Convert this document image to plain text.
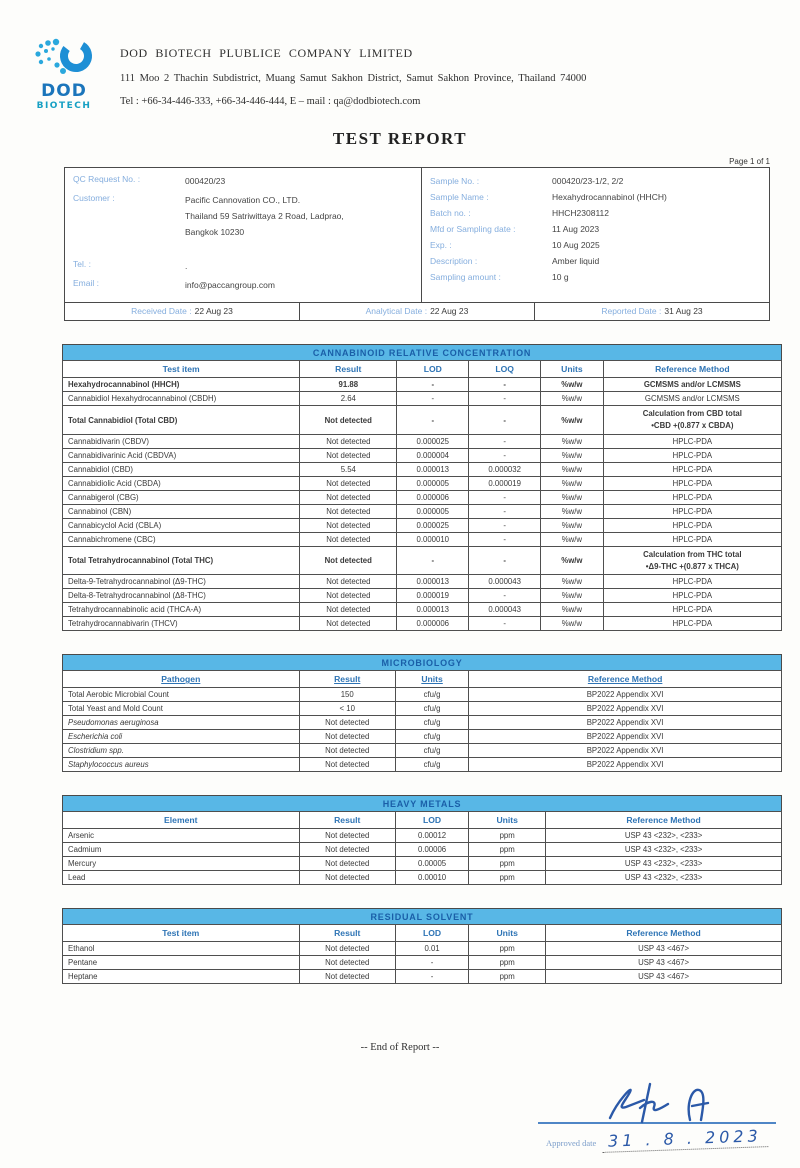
DOD
BIOTECH
DOD BIOTECH PLUBLICE COMPANY LIMITED
111 Moo 2 Thachin Subdistrict, Muang Samut Sakhon District, Samut Sakhon Province, Thailand 74000
Tel : +66-34-446-333, +66-34-446-444, E – mail : qa@dodbiotech.com
TEST REPORT
Page 1 of 1
QC Request No. :	000420/23
Customer :	Pacific Cannovation CO., LTD.
Thailand 59 Satriwittaya 2 Road, Ladprao,
Bangkok 10230
Tel. :	.
Email :	info@paccangroup.com
Sample No. :	000420/23-1/2, 2/2
Sample Name :	Hexahydrocannabinol (HHCH)
Batch no. :	HHCH2308112
Mfd or Sampling date :	11 Aug 2023
Exp. :	10 Aug 2025
Description :	Amber liquid
Sampling amount :	10 g
Received Date : 22 Aug 23	Analytical Date : 22 Aug 23	Reported Date : 31 Aug 23
CANNABINOID RELATIVE CONCENTRATION
Test item	Result	LOD	LOQ	Units	Reference Method
Hexahydrocannabinol (HHCH)	91.88	-	-	%w/w	GCMSMS and/or LCMSMS
Cannabidiol Hexahydrocannabinol (CBDH)	2.64	-	-	%w/w	GCMSMS and/or LCMSMS
Total Cannabidiol (Total CBD)	Not detected	-	-	%w/w	Calculation from CBD total
•CBD +(0.877 x CBDA)
Cannabidivarin (CBDV)	Not detected	0.000025	-	%w/w	HPLC-PDA
Cannabidivarinic Acid (CBDVA)	Not detected	0.000004	-	%w/w	HPLC-PDA
Cannabidiol (CBD)	5.54	0.000013	0.000032	%w/w	HPLC-PDA
Cannabidiolic Acid (CBDA)	Not detected	0.000005	0.000019	%w/w	HPLC-PDA
Cannabigerol (CBG)	Not detected	0.000006	-	%w/w	HPLC-PDA
Cannabinol (CBN)	Not detected	0.000005	-	%w/w	HPLC-PDA
Cannabicyclol Acid (CBLA)	Not detected	0.000025	-	%w/w	HPLC-PDA
Cannabichromene (CBC)	Not detected	0.000010	-	%w/w	HPLC-PDA
Total Tetrahydrocannabinol (Total THC)	Not detected	-	-	%w/w	Calculation from THC total
•Δ9-THC +(0.877 x THCA)
Delta-9-Tetrahydrocannabinol (Δ9-THC)	Not detected	0.000013	0.000043	%w/w	HPLC-PDA
Delta-8-Tetrahydrocannabinol (Δ8-THC)	Not detected	0.000019	-	%w/w	HPLC-PDA
Tetrahydrocannabinolic acid (THCA-A)	Not detected	0.000013	0.000043	%w/w	HPLC-PDA
Tetrahydrocannabivarin (THCV)	Not detected	0.000006	-	%w/w	HPLC-PDA
MICROBIOLOGY
Pathogen	Result	Units	Reference Method
Total Aerobic Microbial Count	150	cfu/g	BP2022 Appendix XVI
Total Yeast and Mold Count	< 10	cfu/g	BP2022 Appendix XVI
Pseudomonas aeruginosa	Not detected	cfu/g	BP2022 Appendix XVI
Escherichia coli	Not detected	cfu/g	BP2022 Appendix XVI
Clostridium spp.	Not detected	cfu/g	BP2022 Appendix XVI
Staphylococcus aureus	Not detected	cfu/g	BP2022 Appendix XVI
HEAVY METALS
Element	Result	LOD	Units	Reference Method
Arsenic	Not detected	0.00012	ppm	USP 43 <232>, <233>
Cadmium	Not detected	0.00006	ppm	USP 43 <232>, <233>
Mercury	Not detected	0.00005	ppm	USP 43 <232>, <233>
Lead	Not detected	0.00010	ppm	USP 43 <232>, <233>
RESIDUAL SOLVENT
Test item	Result	LOD	Units	Reference Method
Ethanol	Not detected	0.01	ppm	USP 43 <467>
Pentane	Not detected	-	ppm	USP 43 <467>
Heptane	Not detected	-	ppm	USP 43 <467>
-- End of Report --
Approved date 31 . 8 . 2023
